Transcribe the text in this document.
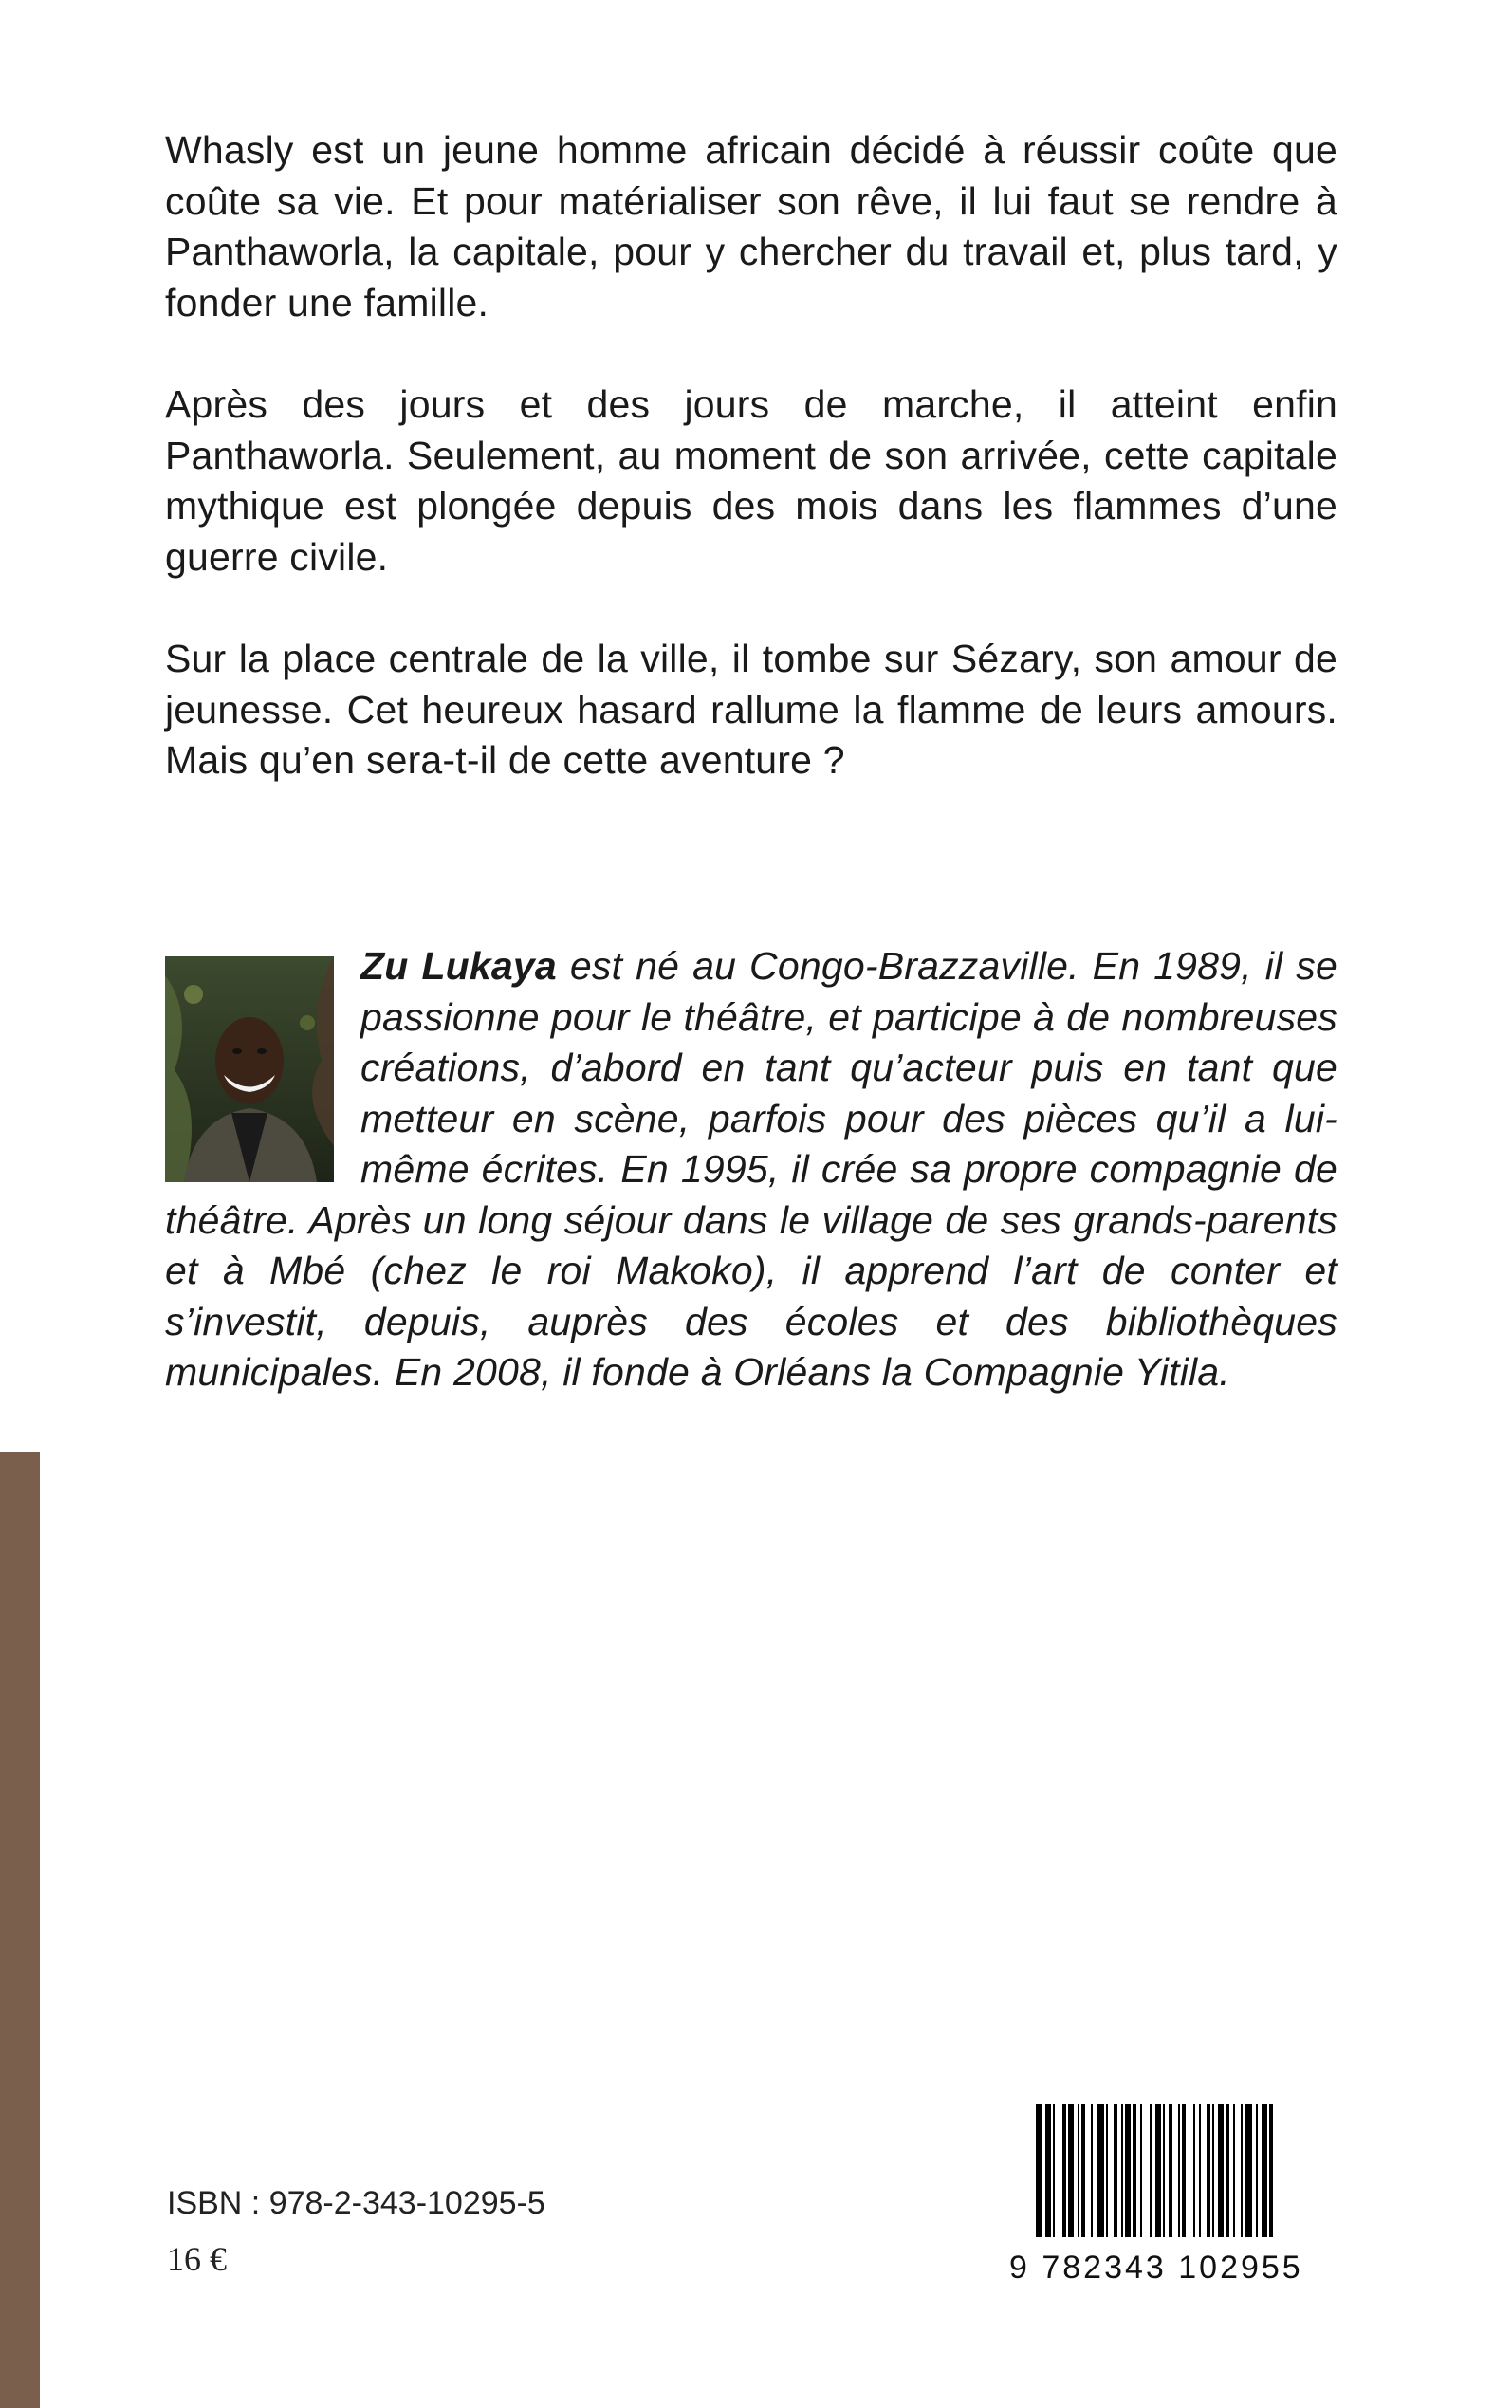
Whasly est un jeune homme africain décidé à réussir coûte que coûte sa vie. Et pour matérialiser son rêve, il lui faut se rendre à Panthaworla, la capitale, pour y chercher du travail et, plus tard, y fonder une famille.

Après des jours et des jours de marche, il atteint enfin Panthaworla. Seulement, au moment de son arrivée, cette capitale mythique est plongée depuis des mois dans les flammes d’une guerre civile.

Sur la place centrale de la ville, il tombe sur Sézary, son amour de jeunesse. Cet heureux hasard rallume la flamme de leurs amours. Mais qu’en sera-t-il de cette aventure ?

Zu Lukaya est né au Congo-Brazzaville. En 1989, il se passionne pour le théâtre, et participe à de nombreuses créations, d’abord en tant qu’acteur puis en tant que metteur en scène, parfois pour des pièces qu’il a lui-même écrites. En 1995, il crée sa propre compagnie de théâtre. Après un long séjour dans le village de ses grands-parents et à Mbé (chez le roi Makoko), il apprend l’art de conter et s’investit, depuis, auprès des écoles et des bibliothèques municipales. En 2008, il fonde à Orléans la Compagnie Yitila.
ISBN : 978-2-343-10295-5
16 €	9 782343 102955
